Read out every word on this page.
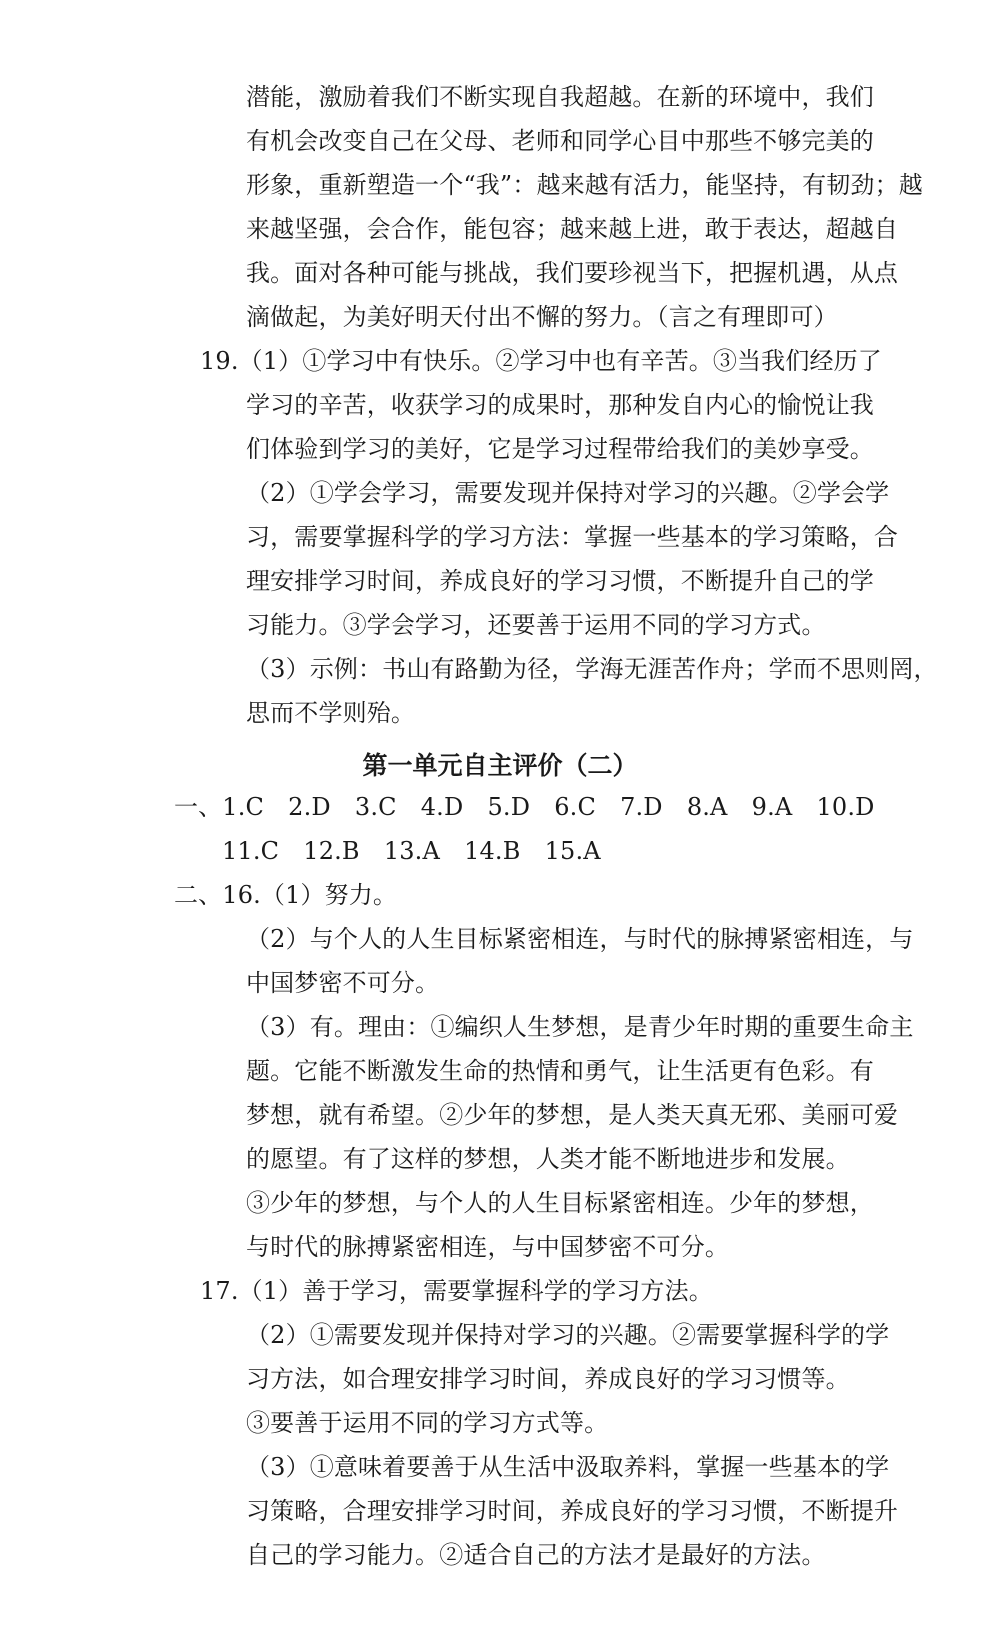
潜能，激励着我们不断实现自我超越。在新的环境中，我们
有机会改变自己在父母、老师和同学心目中那些不够完美的
形象，重新塑造一个“我”：越来越有活力，能坚持，有韧劲；越
来越坚强，会合作，能包容；越来越上进，敢于表达，超越自
我。面对各种可能与挑战，我们要珍视当下，把握机遇，从点
滴做起，为美好明天付出不懈的努力。（言之有理即可）
19.（1）①学习中有快乐。②学习中也有辛苦。③当我们经历了
学习的辛苦，收获学习的成果时，那种发自内心的愉悦让我
们体验到学习的美好，它是学习过程带给我们的美妙享受。
（2）①学会学习，需要发现并保持对学习的兴趣。②学会学
习，需要掌握科学的学习方法：掌握一些基本的学习策略，合
理安排学习时间，养成良好的学习习惯，不断提升自己的学
习能力。③学会学习，还要善于运用不同的学习方式。
（3）示例：书山有路勤为径，学海无涯苦作舟；学而不思则罔，
思而不学则殆。
第一单元自主评价（二）
一、1.C　2.D　3.C　4.D　5.D　6.C　7.D　8.A　9.A　10.D
11.C　12.B　13.A　14.B　15.A
二、16.（1）努力。
（2）与个人的人生目标紧密相连，与时代的脉搏紧密相连，与
中国梦密不可分。
（3）有。理由：①编织人生梦想，是青少年时期的重要生命主
题。它能不断激发生命的热情和勇气，让生活更有色彩。有
梦想，就有希望。②少年的梦想，是人类天真无邪、美丽可爱
的愿望。有了这样的梦想，人类才能不断地进步和发展。
③少年的梦想，与个人的人生目标紧密相连。少年的梦想，
与时代的脉搏紧密相连，与中国梦密不可分。
17.（1）善于学习，需要掌握科学的学习方法。
（2）①需要发现并保持对学习的兴趣。②需要掌握科学的学
习方法，如合理安排学习时间，养成良好的学习习惯等。
③要善于运用不同的学习方式等。
（3）①意味着要善于从生活中汲取养料，掌握一些基本的学
习策略，合理安排学习时间，养成良好的学习习惯，不断提升
自己的学习能力。②适合自己的方法才是最好的方法。
